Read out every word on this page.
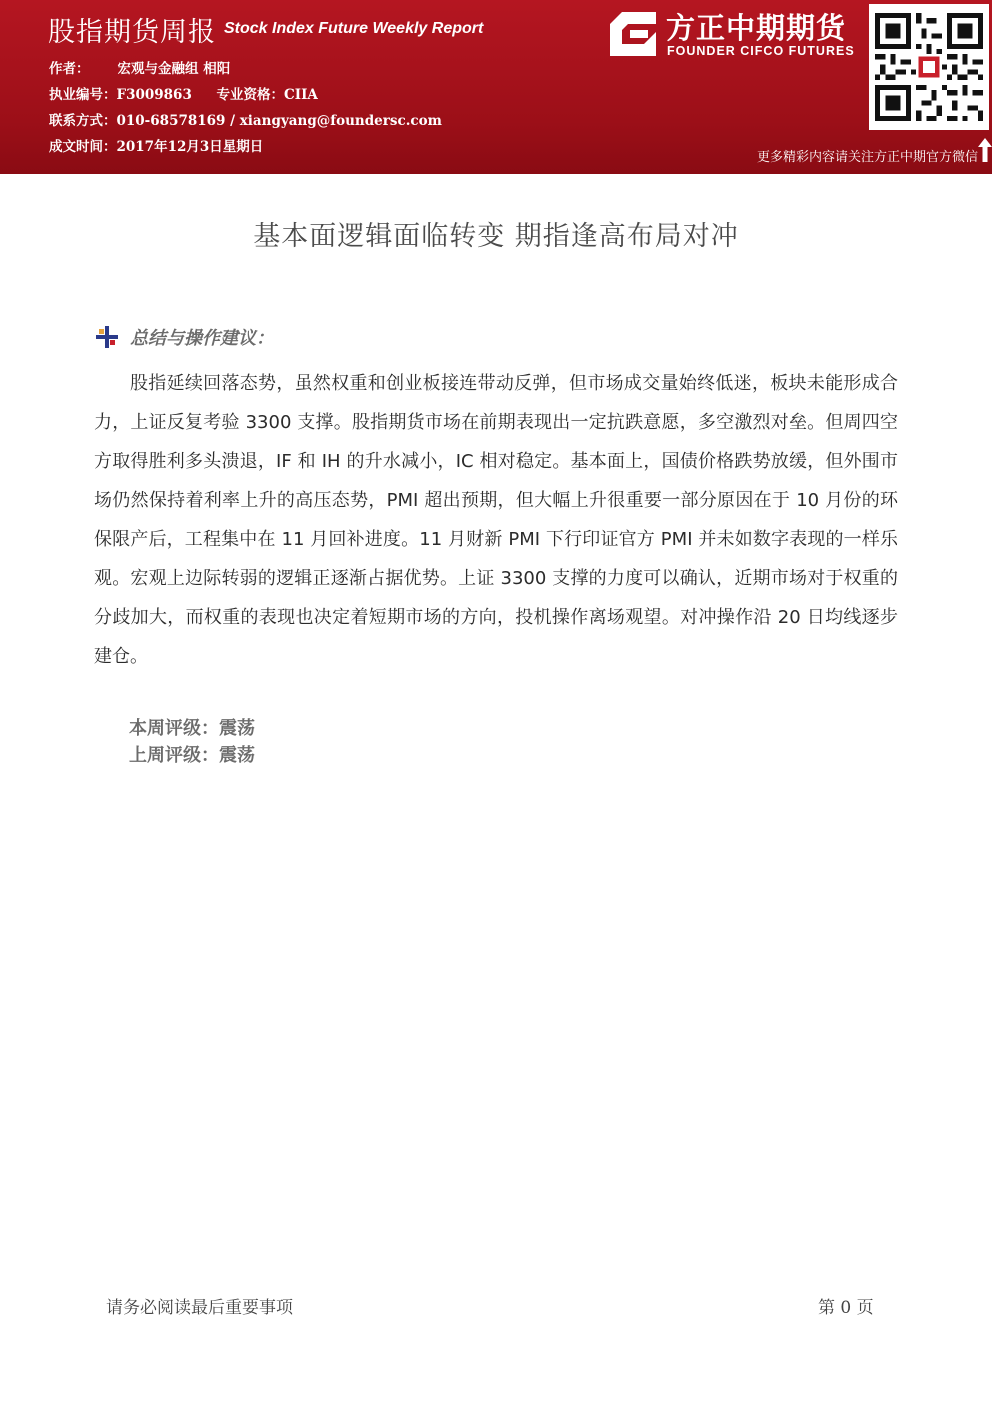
股指期货周报 Stock Index Future Weekly Report
作者： 宏观与金融组 相阳
执业编号：F3009863 专业资格：CIIA
联系方式：010-68578169 / xiangyang@foundersc.com
成文时间：2017年12月3日星期日
方正中期期货
FOUNDER CIFCO FUTURES
更多精彩内容请关注方正中期官方微信
基本面逻辑面临转变 期指逢高布局对冲
总结与操作建议：

股指延续回落态势，虽然权重和创业板接连带动反弹，但市场成交量始终低迷，板块未能形成合力，上证反复考验 3300 支撑。股指期货市场在前期表现出一定抗跌意愿，多空激烈对垒。但周四空方取得胜利多头溃退，IF 和 IH 的升水减小，IC 相对稳定。基本面上，国债价格跌势放缓，但外围市场仍然保持着利率上升的高压态势，PMI 超出预期，但大幅上升很重要一部分原因在于 10 月份的环保限产后，工程集中在 11 月回补进度。11 月财新 PMI 下行印证官方 PMI 并未如数字表现的一样乐观。宏观上边际转弱的逻辑正逐渐占据优势。上证 3300 支撑的力度可以确认，近期市场对于权重的分歧加大，而权重的表现也决定着短期市场的方向，投机操作离场观望。对冲操作沿 20 日均线逐步建仓。

本周评级：震荡
上周评级：震荡
请务必阅读最后重要事项	第 0 页
